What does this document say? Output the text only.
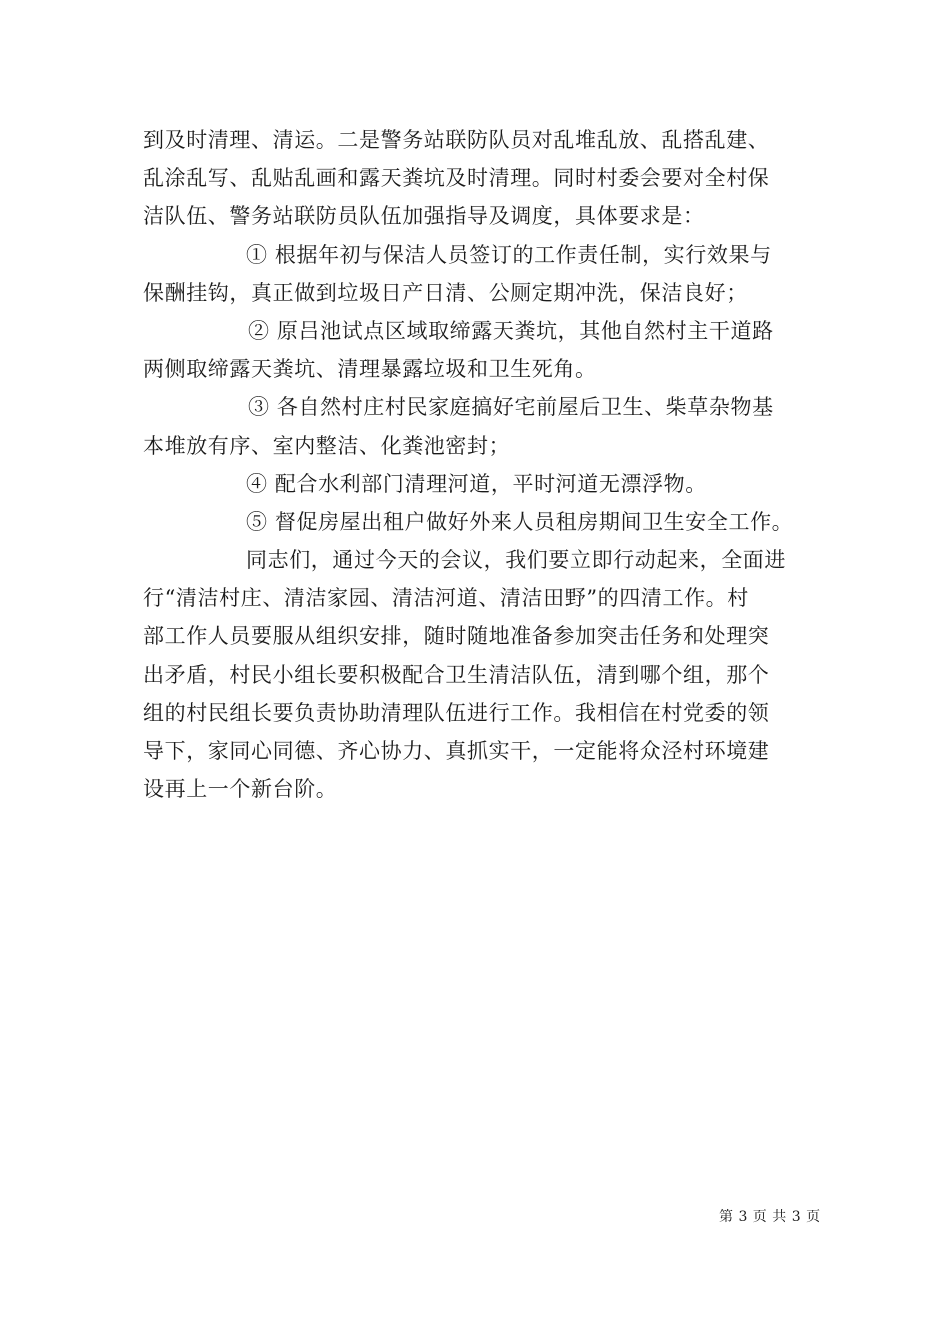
到及时清理、清运。二是警务站联防队员对乱堆乱放、乱搭乱建、
乱涂乱写、乱贴乱画和露天粪坑及时清理。同时村委会要对全村保
洁队伍、警务站联防员队伍加强指导及调度，具体要求是：
① 根据年初与保洁人员签订的工作责任制，实行效果与
保酬挂钩，真正做到垃圾日产日清、公厕定期冲洗，保洁良好；
② 原吕池试点区域取缔露天粪坑，其他自然村主干道路
两侧取缔露天粪坑、清理暴露垃圾和卫生死角。
③ 各自然村庄村民家庭搞好宅前屋后卫生、柴草杂物基
本堆放有序、室内整洁、化粪池密封；
④ 配合水利部门清理河道，平时河道无漂浮物。
⑤ 督促房屋出租户做好外来人员租房期间卫生安全工作。
同志们，通过今天的会议，我们要立即行动起来，全面进
行“清洁村庄、清洁家园、清洁河道、清洁田野”的四清工作。村
部工作人员要服从组织安排，随时随地准备参加突击任务和处理突
出矛盾，村民小组长要积极配合卫生清洁队伍，清到哪个组，那个
组的村民组长要负责协助清理队伍进行工作。我相信在村党委的领
导下，家同心同德、齐心协力、真抓实干，一定能将众泾村环境建
设再上一个新台阶。
第 3 页 共 3 页
